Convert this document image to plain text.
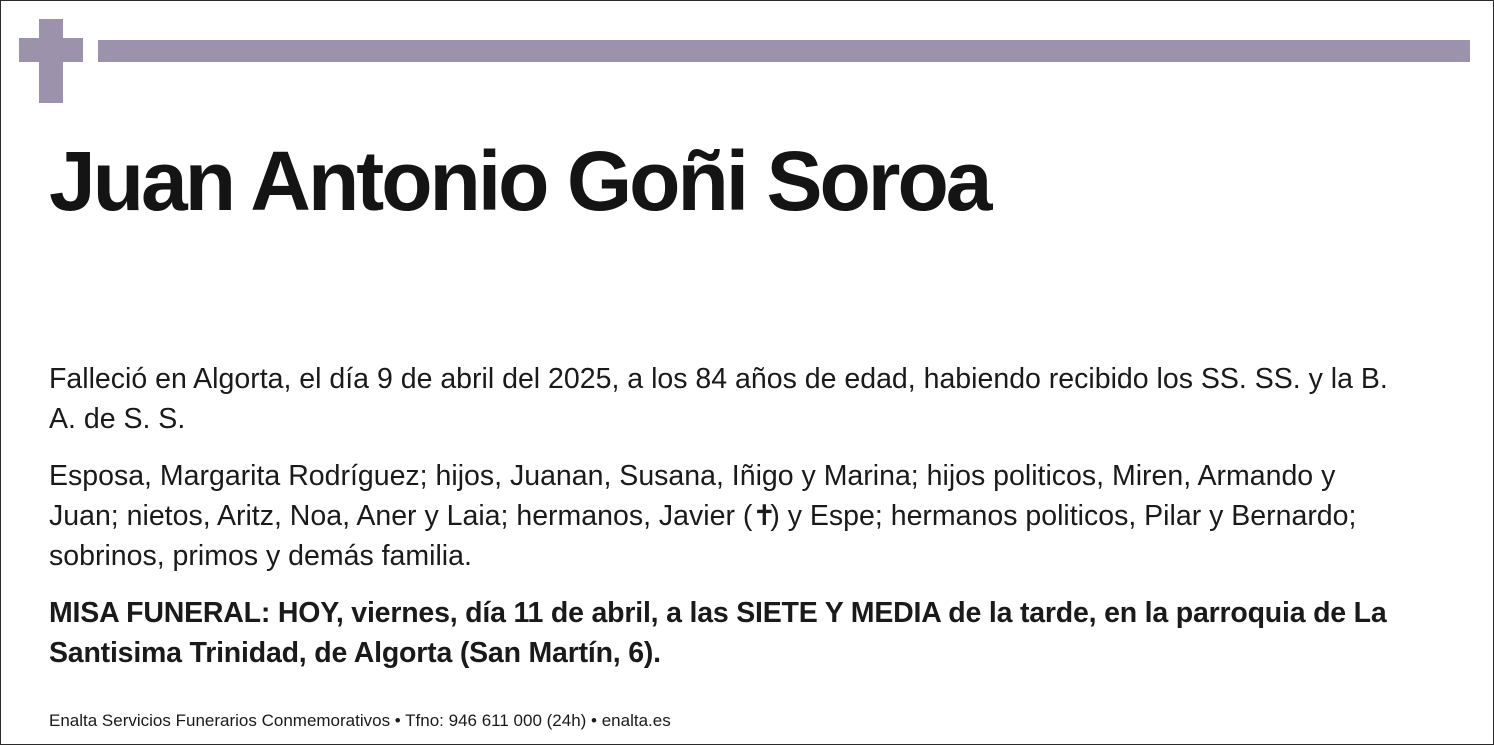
Juan Antonio Goñi Soroa

Falleció en Algorta, el día 9 de abril del 2025, a los 84 años de edad, habiendo recibido los SS. SS. y la B. A. de S. S.

Esposa, Margarita Rodríguez; hijos, Juanan, Susana, Iñigo y Marina; hijos politicos, Miren, Armando y Juan; nietos, Aritz, Noa, Aner y Laia; hermanos, Javier (✝) y Espe; hermanos politicos, Pilar y Bernardo; sobrinos, primos y demás familia.

MISA FUNERAL: HOY, viernes, día 11 de abril, a las SIETE Y MEDIA de la tarde, en la parroquia de La Santisima Trinidad, de Algorta (San Martín, 6).

Enalta Servicios Funerarios Conmemorativos • Tfno: 946 611 000 (24h) • enalta.es
